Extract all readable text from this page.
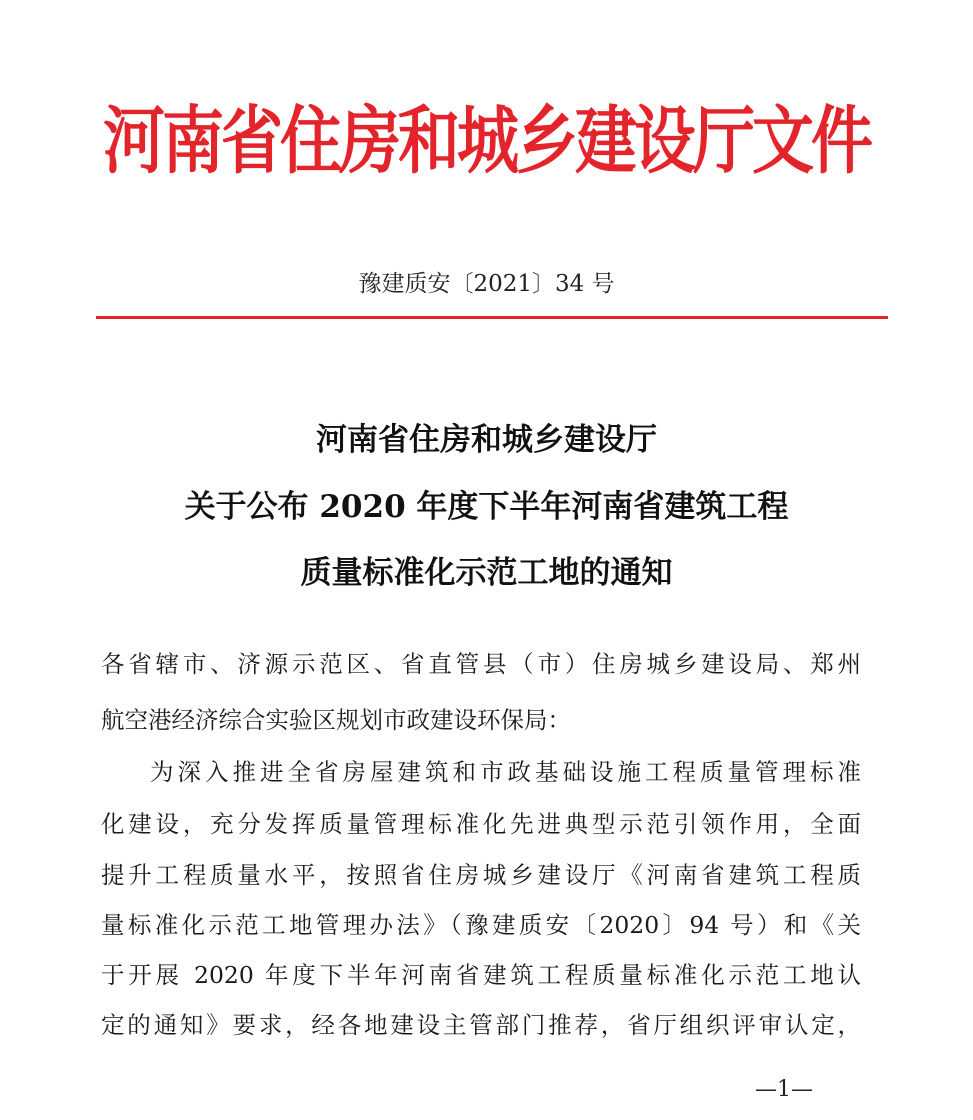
河南省住房和城乡建设厅文件
豫建质安〔2021〕34 号
河南省住房和城乡建设厅
关于公布 2020 年度下半年河南省建筑工程
质量标准化示范工地的通知
各省辖市、济源示范区、省直管县（市）住房城乡建设局、郑州
航空港经济综合实验区规划市政建设环保局：
为深入推进全省房屋建筑和市政基础设施工程质量管理标准
化建设，充分发挥质量管理标准化先进典型示范引领作用，全面
提升工程质量水平，按照省住房城乡建设厅《河南省建筑工程质
量标准化示范工地管理办法》（豫建质安〔2020〕94 号）和《关
于开展 2020 年度下半年河南省建筑工程质量标准化示范工地认
定的通知》要求，经各地建设主管部门推荐，省厅组织评审认定，
—1—
